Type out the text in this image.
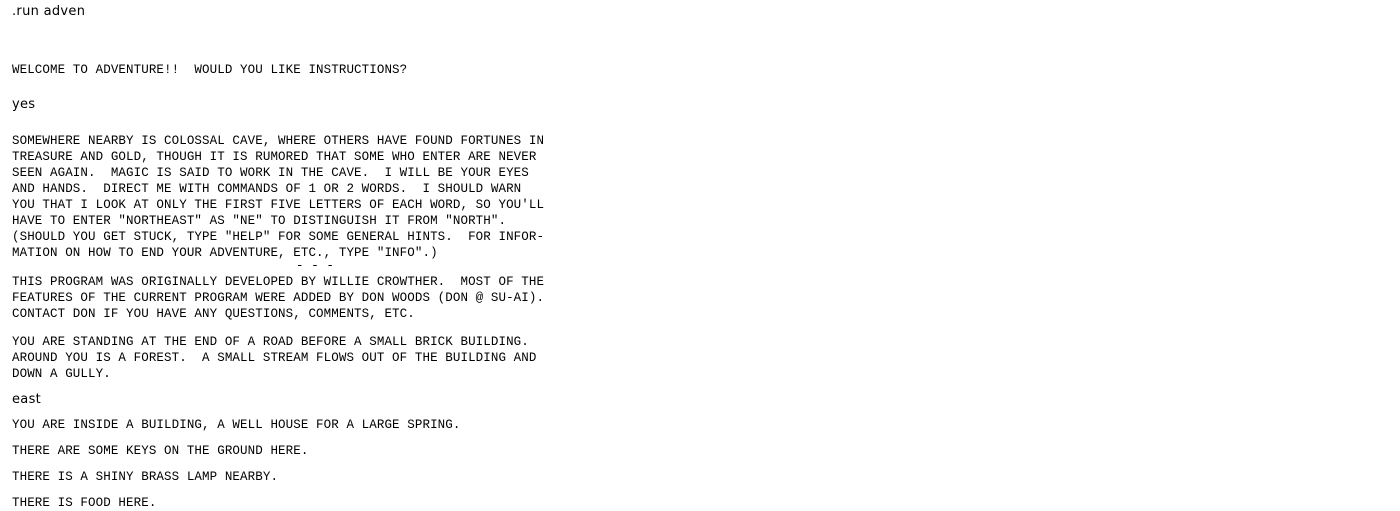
.run adven
WELCOME TO ADVENTURE!!  WOULD YOU LIKE INSTRUCTIONS?
yes
SOMEWHERE NEARBY IS COLOSSAL CAVE, WHERE OTHERS HAVE FOUND FORTUNES IN
TREASURE AND GOLD, THOUGH IT IS RUMORED THAT SOME WHO ENTER ARE NEVER
SEEN AGAIN.  MAGIC IS SAID TO WORK IN THE CAVE.  I WILL BE YOUR EYES
AND HANDS.  DIRECT ME WITH COMMANDS OF 1 OR 2 WORDS.  I SHOULD WARN
YOU THAT I LOOK AT ONLY THE FIRST FIVE LETTERS OF EACH WORD, SO YOU'LL
HAVE TO ENTER "NORTHEAST" AS "NE" TO DISTINGUISH IT FROM "NORTH".
(SHOULD YOU GET STUCK, TYPE "HELP" FOR SOME GENERAL HINTS.  FOR INFOR-
MATION ON HOW TO END YOUR ADVENTURE, ETC., TYPE "INFO".)
- - -
THIS PROGRAM WAS ORIGINALLY DEVELOPED BY WILLIE CROWTHER.  MOST OF THE
FEATURES OF THE CURRENT PROGRAM WERE ADDED BY DON WOODS (DON @ SU-AI).
CONTACT DON IF YOU HAVE ANY QUESTIONS, COMMENTS, ETC.
YOU ARE STANDING AT THE END OF A ROAD BEFORE A SMALL BRICK BUILDING.
AROUND YOU IS A FOREST.  A SMALL STREAM FLOWS OUT OF THE BUILDING AND
DOWN A GULLY.
east
YOU ARE INSIDE A BUILDING, A WELL HOUSE FOR A LARGE SPRING.
THERE ARE SOME KEYS ON THE GROUND HERE.
THERE IS A SHINY BRASS LAMP NEARBY.
THERE IS FOOD HERE.
